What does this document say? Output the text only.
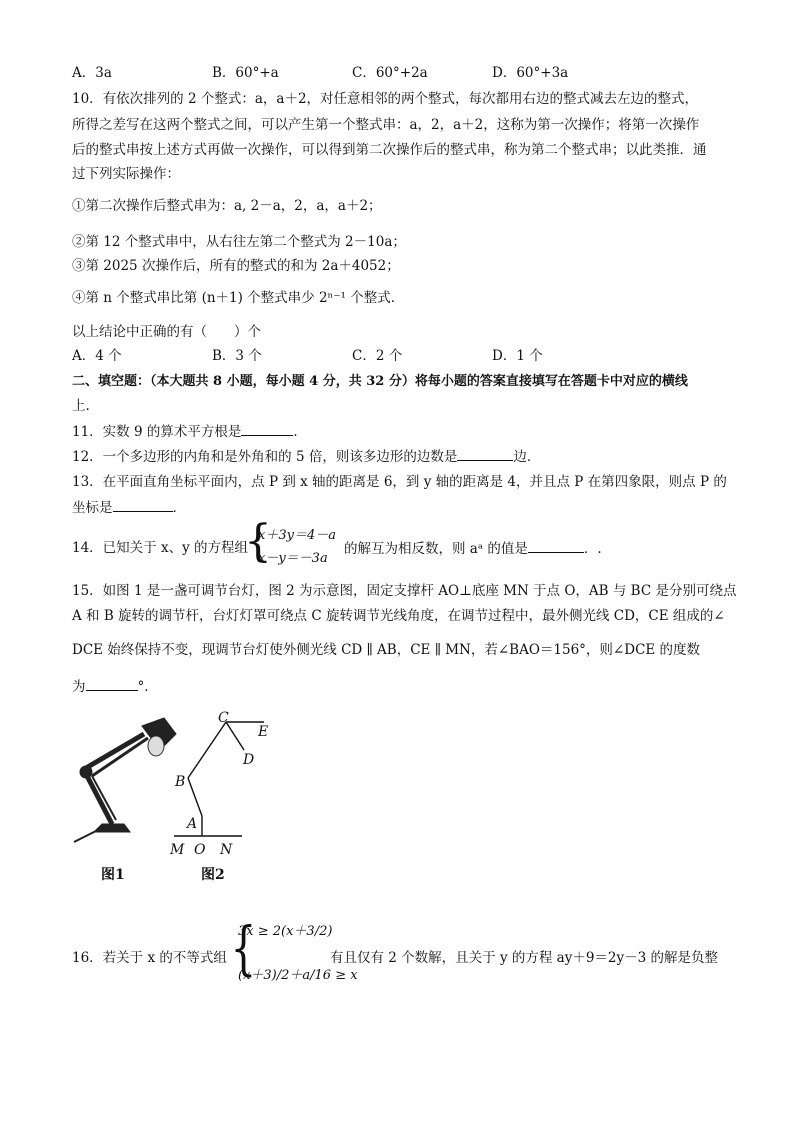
A．3a	B．60°+a	C．60°+2a	D．60°+3a
10．有依次排列的 2 个整式：a，a＋2，对任意相邻的两个整式，每次都用右边的整式减去左边的整式，
所得之差写在这两个整式之间，可以产生第一个整式串：a，2，a＋2，这称为第一次操作；将第一次操作
后的整式串按上述方式再做一次操作，可以得到第二次操作后的整式串，称为第二个整式串；以此类推．通
过下列实际操作：
①第二次操作后整式串为：a, 2－a，2，a，a＋2；
②第 12 个整式串中，从右往左第二个整式为 2－10a；
③第 2025 次操作后，所有的整式的和为 2a＋4052；
④第 n 个整式串比第 (n＋1) 个整式串少 2ⁿ⁻¹ 个整式．
以上结论中正确的有（　　）个
A．4 个	B．3 个	C．2 个	D．1 个
二、填空题：（本大题共 8 小题，每小题 4 分，共 32 分）将每小题的答案直接填写在答题卡中对应的横线
上.
11．实数 9 的算术平方根是	．
12．一个多边形的内角和是外角和的 5 倍，则该多边形的边数是	边．
13．在平面直角坐标平面内，点 P 到 x 轴的距离是 6，到 y 轴的距离是 4，并且点 P 在第四象限，则点 P 的
坐标是	．
14．已知关于 x、y 的方程组
{
x＋3y＝4－a
x－y＝－3a
的解互为相反数，则 aᵃ 的值是	．.
15．如图 1 是一盏可调节台灯，图 2 为示意图，固定支撑杆 AO⊥底座 MN 于点 O，AB 与 BC 是分别可绕点
A 和 B 旋转的调节杆，台灯灯罩可绕点 C 旋转调节光线角度，在调节过程中，最外侧光线 CD，CE 组成的∠
DCE 始终保持不变，现调节台灯使外侧光线 CD ∥ AB，CE ∥ MN，若∠BAO＝156°，则∠DCE 的度数
为	°．
图1
C
E
D
B
A
M O N
图2
16．若关于 x 的不等式组 {
3x ≥ 2(x＋3/2)
(x＋3)/2＋a/16 ≥ x
有且仅有 2 个数解，且关于 y 的方程 ay＋9＝2y－3 的解是负整
